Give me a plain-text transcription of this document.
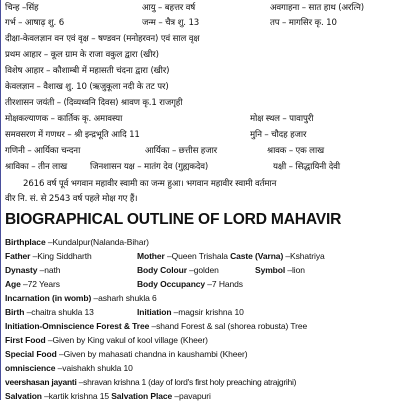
चिन्ह –सिंह	आयु – बहत्तर वर्ष	अवगाहना – सात हाथ (अरत्नि)
गर्भ – आषाढ़ शु. 6	जन्म – चैत्र शु. 13	तप – मागसिर कृ. 10
दीक्षा-केवलज्ञान वन एवं वृक्ष – षण्डवन (मनोहरवन) एवं साल वृक्ष
प्रथम आहार – कूल ग्राम के राजा वकुल द्वारा (खीर)
विशेष आहार – कौशाम्बी में महासती चंदना द्वारा (खीर)
केवलज्ञान – वैशाख शु. 10 (ऋजुकूला नदी के तट पर)
तीरशासन जयंती – (दिव्यध्वनि दिवस) श्रावण कृ.1 राजगृही
मोक्षकल्याणक – कार्तिक कृ. अमावस्या	मोक्ष स्थल – पावापुरी
समवसरण में गणधर – श्री इन्द्रभूति आदि 11	मुनि – चौदह हजार
गणिनी – आर्यिका चन्दना	आर्यिका – छत्तीस हजार	श्रावक – एक लाख
श्राविका – तीन लाख	जिनशासन यक्ष – मातंग देव (गुह्यकदेव)	यक्षी – सिद्धायिनी देवी
2616 वर्ष पूर्व भगवान महावीर स्वामी का जन्म हुआ। भगवान महावीर स्वामी वर्तमान
वीर नि. सं. से 2543 वर्ष पहले मोक्ष गए हैं।
BIOGRAPHICAL OUTLINE OF LORD MAHAVIR
Birthplace –Kundalpur(Nalanda-Bihar)
Father –King Siddharth	Mother –Queen Trishala Caste (Varna) –Kshatriya
Dynasty –nath	Body Colour –golden	Symbol –lion
Age –72 Years	Body Occupancy –7 Hands
Incarnation (in womb) –asharh shukla 6
Birth –chaitra shukla 13	Initiation –magsir krishna 10
Initiation-Omniscience Forest & Tree –shand Forest & sal (shorea robusta) Tree
First Food –Given by King vakul of kool village (Kheer)
Special Food –Given by mahasati chandna in kaushambi (Kheer)
omniscience –vaishakh shukla 10
veershasan jayanti –shravan krishna 1 (day of lord's first holy preaching atrajgrihi)
Salvation –kartik krishna 15 Salvation Place –pavapuri
